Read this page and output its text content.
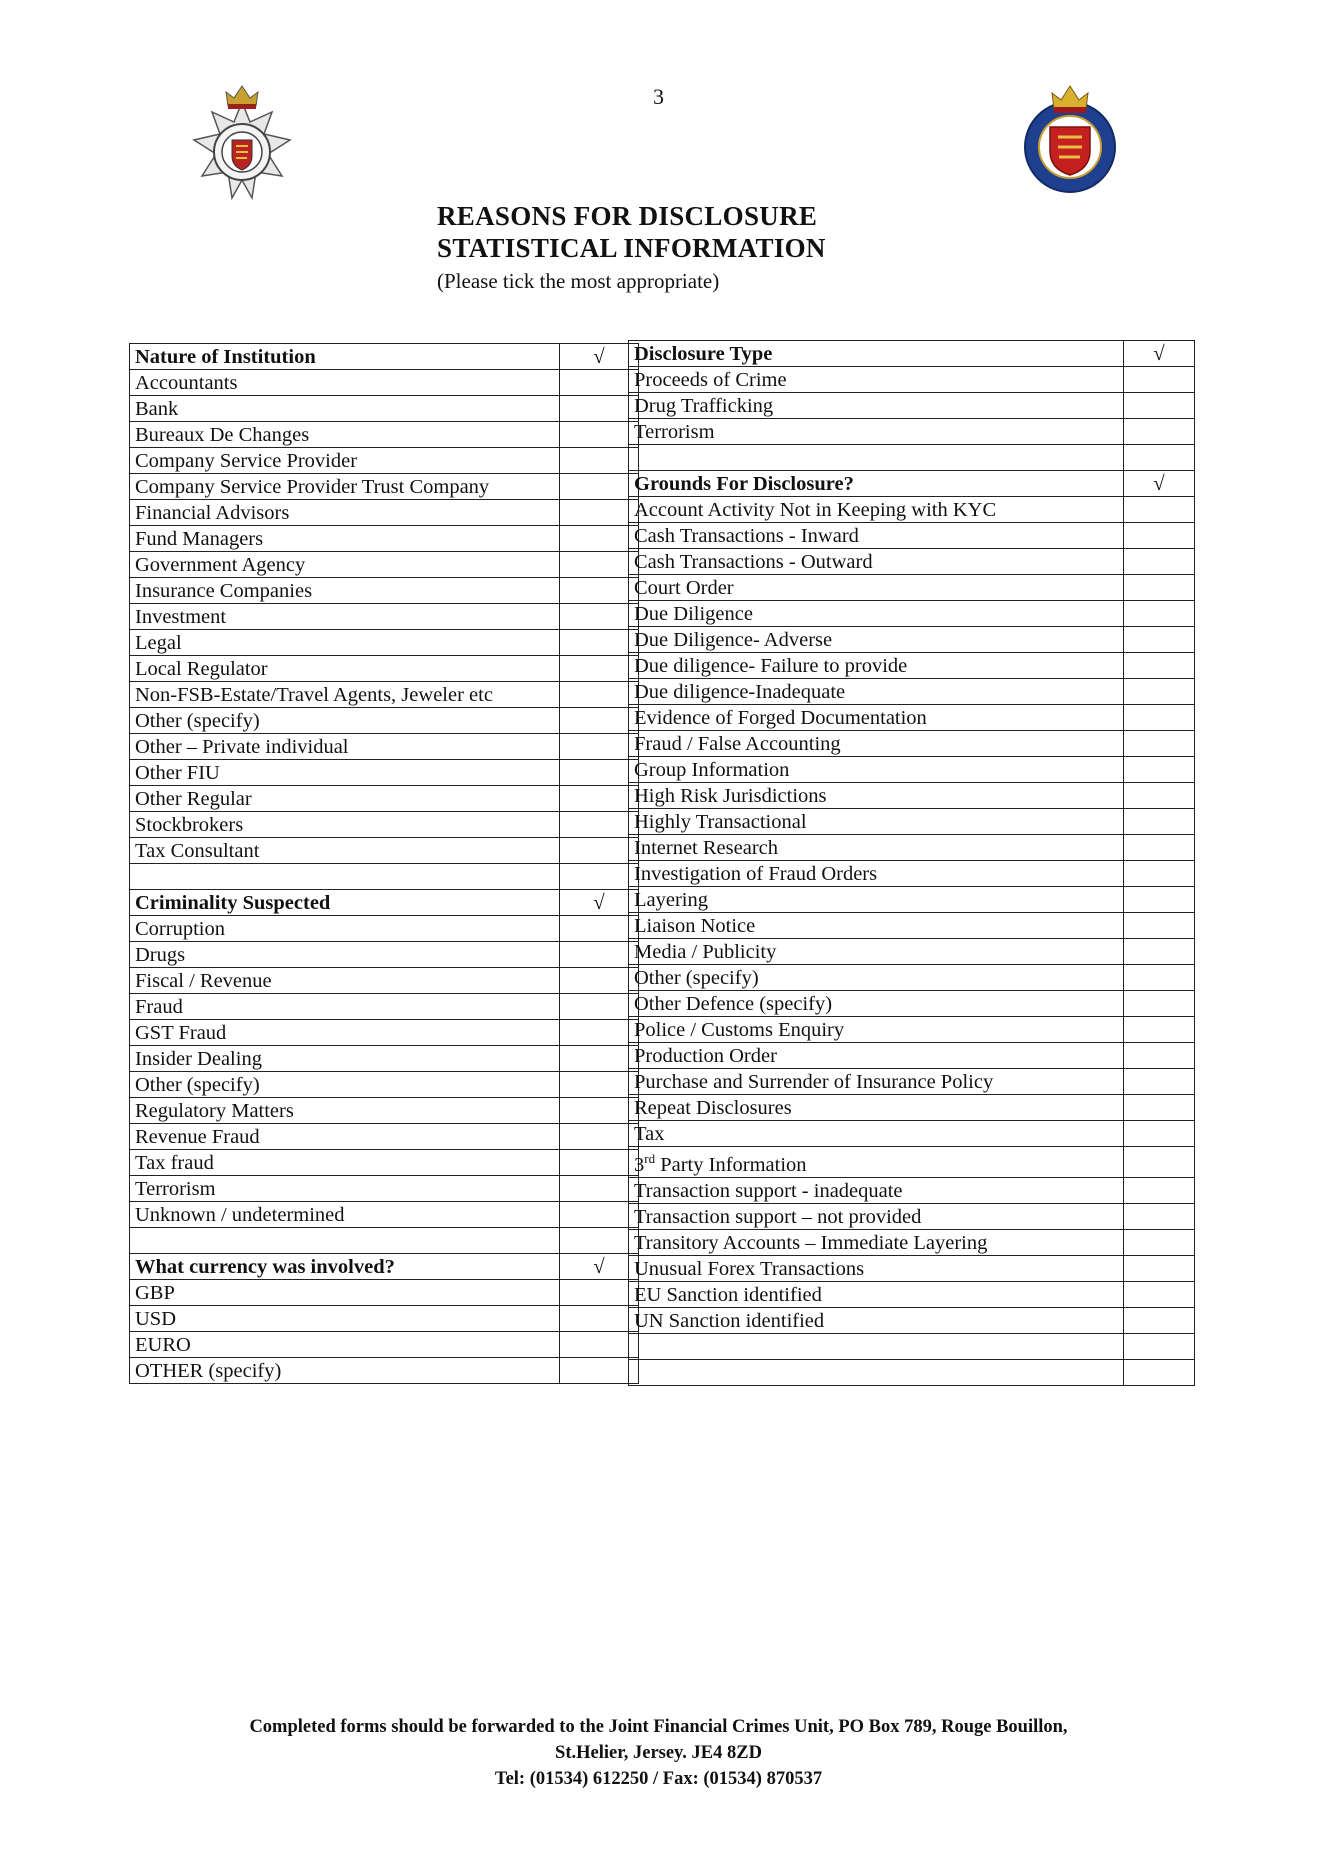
3
REASONS FOR DISCLOSURE
STATISTICAL INFORMATION
(Please tick the most appropriate)
Nature of Institution	√
Accountants	
Bank	
Bureaux De Changes	
Company Service Provider	
Company Service Provider Trust Company	
Financial Advisors	
Fund Managers	
Government Agency	
Insurance Companies	
Investment	
Legal	
Local Regulator	
Non-FSB-Estate/Travel Agents, Jeweler etc	
Other (specify)	
Other – Private individual	
Other FIU	
Other Regular	
Stockbrokers	
Tax Consultant	

Criminality Suspected	√
Corruption	
Drugs	
Fiscal / Revenue	
Fraud	
GST Fraud	
Insider Dealing	
Other (specify)	
Regulatory Matters	
Revenue Fraud	
Tax fraud	
Terrorism	
Unknown / undetermined	

What currency was involved?	√
GBP	
USD	
EURO	
OTHER (specify)	
Disclosure Type	√
Proceeds of Crime	
Drug Trafficking	
Terrorism	

Grounds For Disclosure?	√
Account Activity Not in Keeping with KYC	
Cash Transactions - Inward	
Cash Transactions - Outward	
Court Order	
Due Diligence	
Due Diligence- Adverse	
Due diligence- Failure to provide	
Due diligence-Inadequate	
Evidence of Forged Documentation	
Fraud / False Accounting	
Group Information	
High Risk Jurisdictions	
Highly Transactional	
Internet Research	
Investigation of Fraud Orders	
Layering	
Liaison Notice	
Media / Publicity	
Other (specify)	
Other Defence (specify)	
Police / Customs Enquiry	
Production Order	
Purchase and Surrender of Insurance Policy	
Repeat Disclosures	
Tax	
3rd Party Information	
Transaction support - inadequate	
Transaction support – not provided	
Transitory Accounts – Immediate Layering	
Unusual Forex Transactions	
EU Sanction identified	
UN Sanction identified	

Completed forms should be forwarded to the Joint Financial Crimes Unit, PO Box 789, Rouge Bouillon,
St.Helier, Jersey. JE4 8ZD
Tel: (01534) 612250 / Fax: (01534) 870537
